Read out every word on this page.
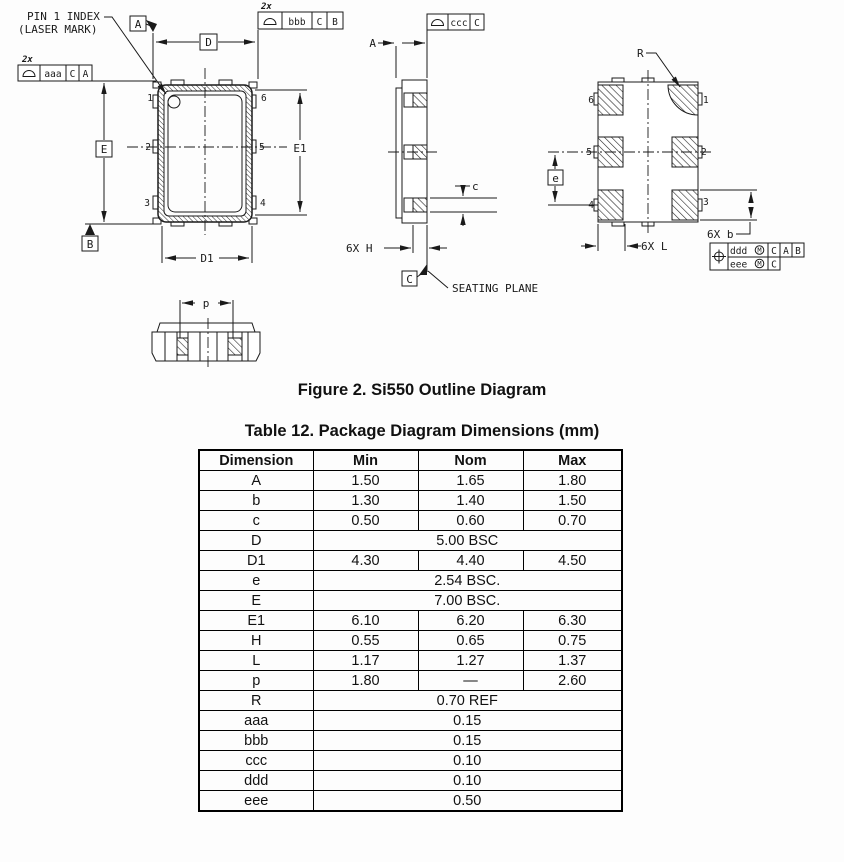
1
2
3
6
5
4
PIN 1 INDEX
(LASER MARK)	A
D
2x
aaa C A
E
B
E1
D1
2x
bbb C B
A
ccc C
c
6X H
C
SEATING PLANE
6
5
4
1
2
3
R
e
6X L
6X b
ddd M C A B
eee M C
p
Figure 2. Si550 Outline Diagram
Table 12. Package Diagram Dimensions (mm)
Dimension	Min	Nom	Max
A	1.50	1.65	1.80
b	1.30	1.40	1.50
c	0.50	0.60	0.70
D	5.00 BSC		
D1	4.30	4.40	4.50
e	2.54 BSC.		
E	7.00 BSC.		
E1	6.10	6.20	6.30
H	0.55	0.65	0.75
L	1.17	1.27	1.37
p	1.80	—	2.60
R	0.70 REF		
aaa	0.15		
bbb	0.15		
ccc	0.10		
ddd	0.10		
eee	0.50		
